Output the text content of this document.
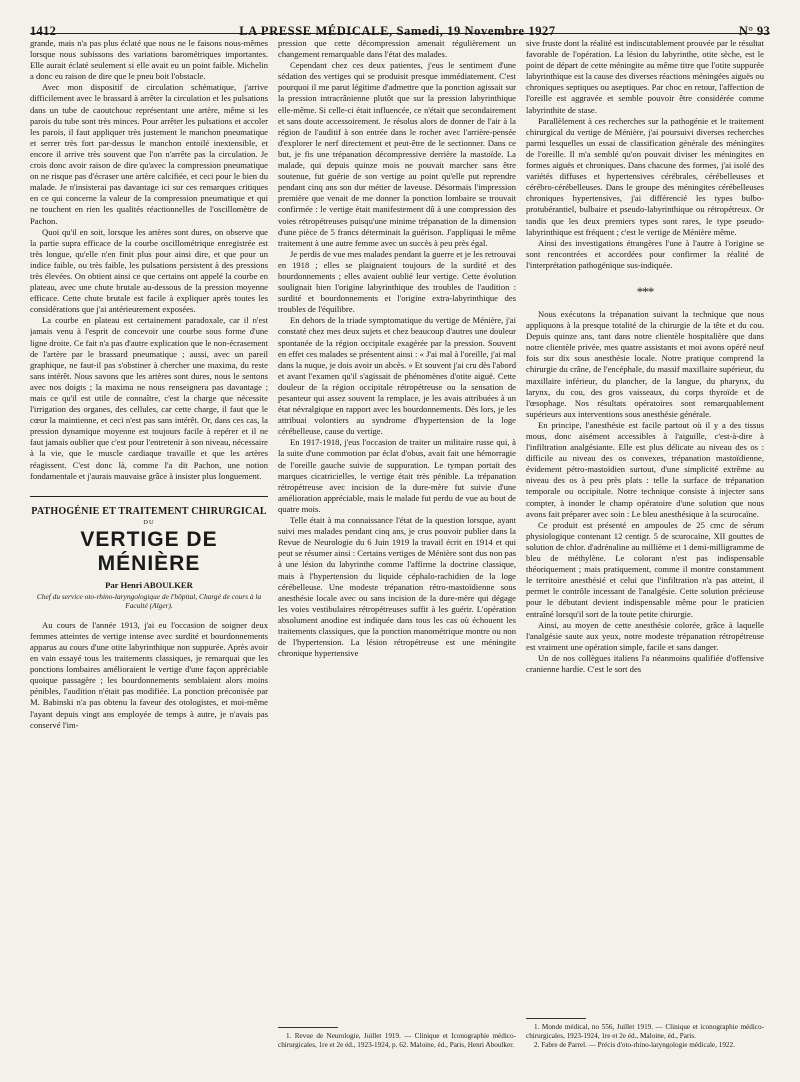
1412	LA PRESSE MÉDICALE, Samedi, 19 Novembre 1927	N° 93

grande, mais n'a pas plus éclaté que nous ne le faisons nous-mêmes lorsque nous subissons des variations barométriques importantes. Elle aurait éclaté seulement si elle avait eu un point faible. Michelin a donc eu raison de dire que le pneu boit l'obstacle.

Avec mon dispositif de circulation schématique, j'arrive difficilement avec le brassard à arrêter la circulation et les pulsations dans un tube de caoutchouc représentant une artère, même si les parois du tube sont très minces. Pour arrêter les pulsations et accoler les parois, il faut appliquer très justement le manchon pneumatique et serrer très fort par-dessus le manchon entoilé inextensible, et encore il arrive très souvent que l'on n'arrête pas la circulation. Je crois donc avoir raison de dire qu'avec la compression pneumatique on ne risque pas d'écraser une artère calcifiée, et ceci pour le bien du malade. Je n'insisterai pas davantage ici sur ces remarques critiques en ce qui concerne la valeur de la compression pneumatique et qui ne touchent en rien les qualités réactionnelles de l'oscillomètre de Pachon.

Quoi qu'il en soit, lorsque les artères sont dures, on observe que la partie supra efficace de la courbe oscillométrique enregistrée est très longue, qu'elle n'en finit plus pour ainsi dire, et que pour un indice faible, ou très faible, les pulsations persistent à des pressions très élevées. On obtient ainsi ce que certains ont appelé la courbe en plateau, avec une chute brutale au-dessous de la pression moyenne efficace. Cette chute brutale est facile à expliquer après toutes les considérations que j'ai antérieurement exposées.

La courbe en plateau est certainement paradoxale, car il n'est jamais venu à l'esprit de concevoir une courbe sous forme d'une ligne droite. Ce fait n'a pas d'autre explication que le non-écrasement de l'artère par le brassard pneumatique ; aussi, avec un pareil graphique, ne faut-il pas s'obstiner à chercher une maxima, du reste sans intérêt. Nous savons que les artères sont dures, nous le sentons avec nos doigts ; la maxima ne nous renseignera pas davantage ; mais ce qu'il est utile de connaître, c'est la charge que nécessite l'irrigation des organes, des cellules, car cette charge, il faut que le cœur la maintienne, et ceci n'est pas sans intérêt. Or, dans ces cas, la pression dynamique moyenne est toujours facile à repérer et il ne faut jamais oublier que c'est pour l'entretenir à son niveau, nécessaire à la vie, que le muscle cardiaque travaille et que les artères réagissent. C'est donc là, comme l'a dit Pachon, une notion fondamentale et j'aurais mauvaise grâce à insister plus longuement.

PATHOGÉNIE ET TRAITEMENT CHIRURGICAL
DU
VERTIGE DE MÉNIÈRE
Par Henri ABOULKER
Chef du service oto-rhino-laryngologique de l'hôpital, Chargé de cours à la Faculté (Alger).

Au cours de l'année 1913, j'ai eu l'occasion de soigner deux femmes atteintes de vertige intense avec surdité et bourdonnements apparus au cours d'une otite labyrinthique non suppurée. Après avoir en vain essayé tous les traitements classiques, je remarquai que les ponctions lombaires amélioraient le vertige d'une façon appréciable quoique passagère ; les bourdonnements semblaient alors moins pénibles, l'audition n'était pas modifiée. La ponction préconisée par M. Babinski n'a pas obtenu la faveur des otologistes, et moi-même l'ayant depuis vingt ans employée de temps à autre, je n'avais pas conservé l'im-

pression que cette décompression amenait régulièrement un changement remarquable dans l'état des malades.

Cependant chez ces deux patientes, j'eus le sentiment d'une sédation des vertiges qui se produisit presque immédiatement. C'est pourquoi il me parut légitime d'admettre que la ponction agissait sur la pression intracrânienne plutôt que sur la pression labyrinthique elle-même. Si celle-ci était influencée, ce n'était que secondairement et sans doute accessoirement. Je résolus alors de donner de l'air à la région de l'auditif à son entrée dans le rocher avec l'arrière-pensée d'explorer le nerf directement et peut-être de le sectionner. Dans ce but, je fis une trépanation décompressive derrière la mastoïde. La malade, qui depuis quinze mois ne pouvait marcher sans être soutenue, fut guérie de son vertige au point qu'elle put reprendre pendant cinq ans son dur métier de laveuse. Désormais l'impression première que venait de me donner la ponction lombaire se trouvait confirmée : le vertige était manifestement dû à une compression des voies rétropétreuses puisqu'une minime trépanation de la dimension d'une pièce de 5 francs déterminait la guérison. J'appliquai le même traitement à une autre femme avec un succès à peu près égal.

Je perdis de vue mes malades pendant la guerre et je les retrouvai en 1918 ; elles se plaignaient toujours de la surdité et des bourdonnements ; elles avaient oublié leur vertige. Cette évolution soulignait bien l'origine labyrinthique des troubles de l'audition : surdité et bourdonnements et l'origine extra-labyrinthique des troubles de l'équilibre.

En dehors de la triade symptomatique du vertige de Ménière, j'ai constaté chez mes deux sujets et chez beaucoup d'autres une douleur spontanée de la région occipitale exagérée par la pression. Souvent en effet ces malades se présentent ainsi : « J'ai mal à l'oreille, j'ai mal dans la nuque, je dois avoir un abcès. » Et souvent j'ai cru dès l'abord et avant l'examen qu'il s'agissait de phénomènes d'otite aiguë. Cette douleur de la région occipitale rétropétreuse ou la sensation de pesanteur qui assez souvent la remplace, je les avais attribuées à un état névralgique en rapport avec les bourdonnements. Dès lors, je les attribuai volontiers au syndrome d'hypertension de la loge cérébelleuse, cause du vertige.

En 1917-1918, j'eus l'occasion de traiter un militaire russe qui, à la suite d'une commotion par éclat d'obus, avait fait une hémorragie de l'oreille gauche suivie de suppuration. Le tympan portait des marques cicatricielles, le vertige était très pénible. La trépanation rétropétreuse avec incision de la dure-mère fut suivie d'une amélioration appréciable, mais le malade fut perdu de vue au bout de quatre mois.

Telle était à ma connaissance l'état de la question lorsque, ayant suivi mes malades pendant cinq ans, je crus pouvoir publier dans la Revue de Neurologie du 6 Juin 1919 la travail écrit en 1914 et qui peut se résumer ainsi : Certains vertiges de Ménière sont dus non pas à une lésion du labyrinthe comme l'affirme la doctrine classique, mais à l'hypertension du liquide céphalo-rachidien de la loge cérébelleuse. Une modeste trépanation rétro-mastoïdienne sous anesthésie locale avec ou sans incision de la dure-mère qui dégage les voies vestibulaires rétropétreuses suffit à les guérir. L'opération absolument anodine est indiquée dans tous les cas où échouent les traitements classiques, que la ponction manométrique montre ou non de l'hypertension. La lésion rétropétreuse est une méningite chronique hypertensive

1. Revue de Neurologie, Juillet 1919. — Clinique et Iconographie médico-chirurgicales, 1re et 2e éd., 1923-1924, p. 62. Maloine, éd., Paris, Henri Aboulker.

sive fruste dont la réalité est indiscutablement prouvée par le résultat favorable de l'opération. La lésion du labyrinthe, otite sèche, est le point de départ de cette méningite au même titre que l'otite suppurée labyrinthique est la cause des diverses réactions méningées aiguës ou chroniques septiques ou aseptiques. Par choc en retour, l'affection de l'oreille est aggravée et semble pouvoir être considérée comme labyrinthite de stase.

Parallèlement à ces recherches sur la pathogénie et le traitement chirurgical du vertige de Ménière, j'ai poursuivi diverses recherches parmi lesquelles un essai de classification générale des méningites de l'oreille. Il m'a semblé qu'on pouvait diviser les méningites en formes aiguës et chroniques. Dans chacune des formes, j'ai isolé des variétés diffuses et hypertensives cérébrales, cérébelleuses et cérébro-cérébelleuses. Dans le groupe des méningites cérébelleuses chroniques hypertensives, j'ai différencié les types bulbo-protubérantiel, bulbaire et pseudo-labyrinthique ou rétropétreux. Or tandis que les deux premiers types sont rares, le type pseudo-labyrinthique est fréquent ; c'est le vertige de Ménière même.

Ainsi des investigations étrangères l'une à l'autre à l'origine se sont rencontrées et accordées pour confirmer la réalité de l'interprétation pathogénique sus-indiquée.

***

Nous exécutons la trépanation suivant la technique que nous appliquons à la presque totalité de la chirurgie de la tête et du cou. Depuis quinze ans, tant dans notre clientèle hospitalière que dans notre clientèle privée, mes quatre assistants et moi avons opéré neuf fois sur dix sous anesthésie locale. Notre pratique comprend la chirurgie du crâne, de l'encéphale, du massif maxillaire supérieur, du maxillaire inférieur, du plancher, de la langue, du pharynx, du larynx, du cou, des gros vaisseaux, du corps thyroïde et de l'œsophage. Nos résultats opératoires sont remarquablement supérieurs aux interventions sous anesthésie générale.

En principe, l'anesthésie est facile partout où il y a des tissus mous, donc aisément accessibles à l'aiguille, c'est-à-dire à l'infiltration analgésiante. Elle est plus délicate au niveau des os : difficile au niveau des os convexes, trépanation mastoïdienne, évidement pétro-mastoïdien surtout, d'une simplicité extrême au niveau des os à peu près plats : telle la surface de trépanation temporale ou occipitale. Notre technique consiste à injecter sans compter, à inonder le champ opératoire d'une solution que nous avons fait préparer avec soin : Le bleu anesthésique à la scurocaïne.

Ce produit est présenté en ampoules de 25 cmc de sérum physiologique contenant 12 centigr. 5 de scurocaïne, XII gouttes de solution de chlor. d'adrénaline au millième et 1 demi-milligramme de bleu de méthylène. Le colorant n'est pas indispensable théoriquement ; mais pratiquement, comme il montre constamment le territoire anesthésié et celui que l'infiltration n'a pas atteint, il permet le contrôle incessant de l'analgésie. Cette solution précieuse pour le débutant devient indispensable même pour le praticien entraîné lorsqu'il sort de la toute petite chirurgie.

Ainsi, au moyen de cette anesthésie colorée, grâce à laquelle l'analgésie saute aux yeux, notre modeste trépanation rétropétreuse est vraiment une opération simple, facile et sans danger.

Un de nos collègues italiens l'a néanmoins qualifiée d'offensive cranienne hardie. C'est le sort des

1. Monde médical, no 556, Juillet 1919. — Clinique et iconographie médico-chirurgicales, 1923-1924, 1re et 2e éd., Maloine, éd., Paris.
2. Fabre de Parrel. — Précis d'oto-rhino-laryngologie médicale, 1922.
